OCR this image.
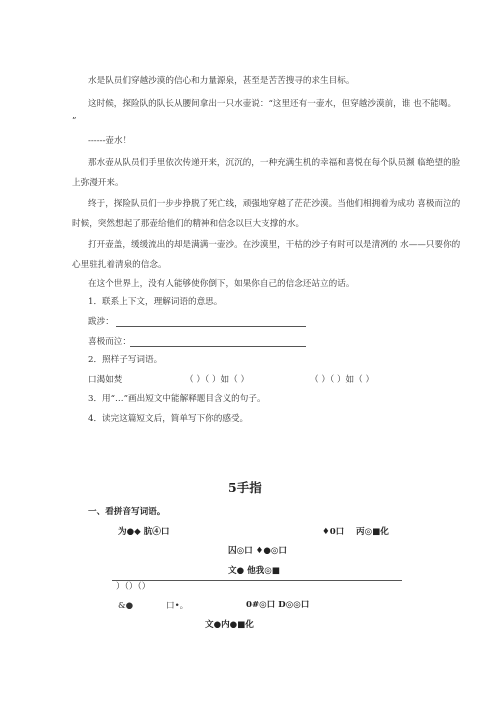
水是队员们穿越沙漠的信心和力量源泉，甚至是苦苦搜寻的求生目标。
这时候，探险队的队长从腰间拿出一只水壶说：“这里还有一壶水，但穿越沙漠前，谁 也不能喝。
”
------壶水！
那水壶从队员们手里依次传递开来，沉沉的，一种充满生机的幸福和喜悦在每个队员濒 临绝望的脸
上弥漫开来。
终于，探险队员们一步步挣脱了死亡线，顽强地穿越了茫茫沙漠。当他们相拥着为成功 喜极而泣的
时候，突然想起了那壶给他们的精神和信念以巨大支撑的水。
打开壶盖，缓缓流出的却是满满一壶沙。在沙漠里，干枯的沙子有时可以是清冽的 水——只要你的
心里驻扎着清泉的信念。
在这个世界上，没有人能够使你倒下，如果你自己的信念还站立的话。
1．联系上下文，理解词语的意思。
跋涉：
喜极而泣：
2．照样子写词语。
口渴如焚	（ ）（ ）如（ ）	（ ）（ ）如（ ）
3．用“…”画出短文中能解释题目含义的句子。
4．读完这篇短文后，简单写下你的感受。
5手指
一、看拼音写词语。
为●◆ 肮④口	♦0口 丙◎■化
囚◎口 ♦●◎口
文● 他我◎■
）（）（）
&●	口•。	0#◎口 D◎◎口
文●内●■化
